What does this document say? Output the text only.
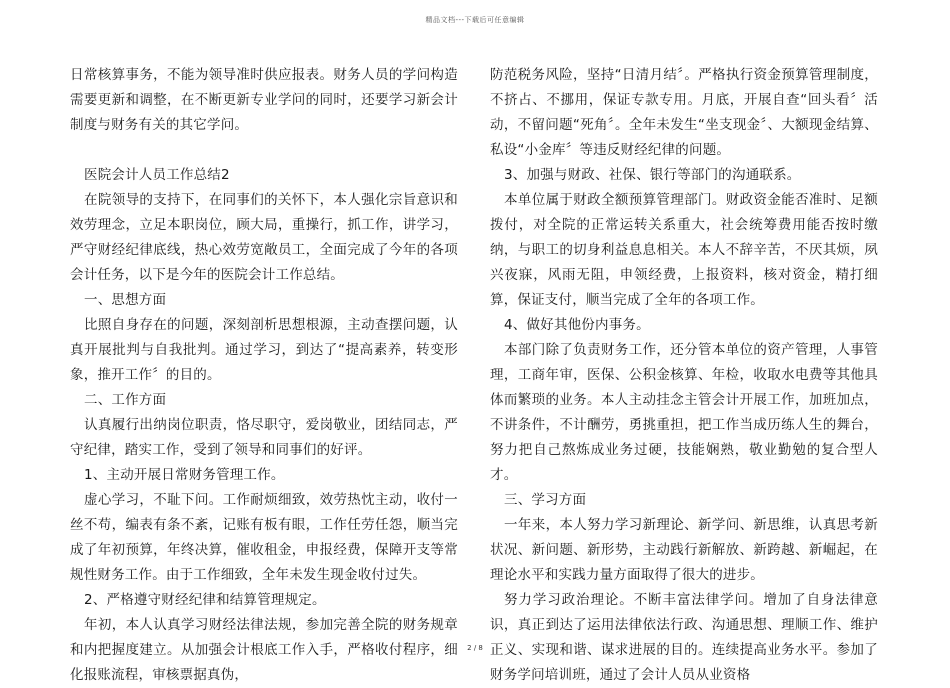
精品文档---下载后可任意编辑

日常核算事务，不能为领导准时供应报表。财务人员的学问构造需要更新和调整，在不断更新专业学问的同时，还要学习新会计制度与财务有关的其它学问。

医院会计人员工作总结2

在院领导的支持下，在同事们的关怀下，本人强化宗旨意识和效劳理念，立足本职岗位，顾大局，重操行，抓工作，讲学习，严守财经纪律底线，热心效劳宽敞员工，全面完成了今年的各项会计任务，以下是今年的医院会计工作总结。

一、思想方面

比照自身存在的问题，深刻剖析思想根源，主动查摆问题，认真开展批判与自我批判。通过学习，到达了“提高素养，转变形象，推开工作〞的目的。

二、工作方面

认真履行出纳岗位职责，恪尽职守，爱岗敬业，团结同志，严守纪律，踏实工作，受到了领导和同事们的好评。

1、主动开展日常财务管理工作。

虚心学习，不耻下问。工作耐烦细致，效劳热忱主动，收付一丝不苟，编表有条不紊，记账有板有眼，工作任劳任怨，顺当完成了年初预算，年终决算，催收租金，申报经费，保障开支等常规性财务工作。由于工作细致，全年未发生现金收付过失。

2、严格遵守财经纪律和结算管理规定。

年初，本人认真学习财经法律法规，参加完善全院的财务规章和内把握度建立。从加强会计根底工作入手，严格收付程序，细化报账流程，审核票据真伪，

防范税务风险，坚持“日清月结〞。严格执行资金预算管理制度，不挤占、不挪用，保证专款专用。月底，开展自查“回头看〞活动，不留问题“死角〞。全年未发生“坐支现金〞、大额现金结算、私设“小金库〞等违反财经纪律的问题。

3、加强与财政、社保、银行等部门的沟通联系。

本单位属于财政全额预算管理部门。财政资金能否准时、足额拨付，对全院的正常运转关系重大，社会统筹费用能否按时缴纳，与职工的切身利益息息相关。本人不辞辛苦，不厌其烦，夙兴夜寐，风雨无阻，申领经费，上报资料，核对资金，精打细算，保证支付，顺当完成了全年的各项工作。

4、做好其他份内事务。

本部门除了负责财务工作，还分管本单位的资产管理，人事管理，工商年审，医保、公积金核算、年检，收取水电费等其他具体而繁琐的业务。本人主动挂念主管会计开展工作，加班加点，不讲条件，不计酬劳，勇挑重担，把工作当成历练人生的舞台，努力把自己熬炼成业务过硬，技能娴熟，敬业勤勉的复合型人才。

三、学习方面

一年来，本人努力学习新理论、新学问、新思维，认真思考新状况、新问题、新形势，主动践行新解放、新跨越、新崛起，在理论水平和实践力量方面取得了很大的进步。

努力学习政治理论。不断丰富法律学问。增加了自身法律意识，真正到达了运用法律依法行政、沟通思想、理顺工作、维护正义、实现和谐、谋求进展的目的。连续提高业务水平。参加了财务学问培训班，通过了会计人员从业资格

2 / 8
